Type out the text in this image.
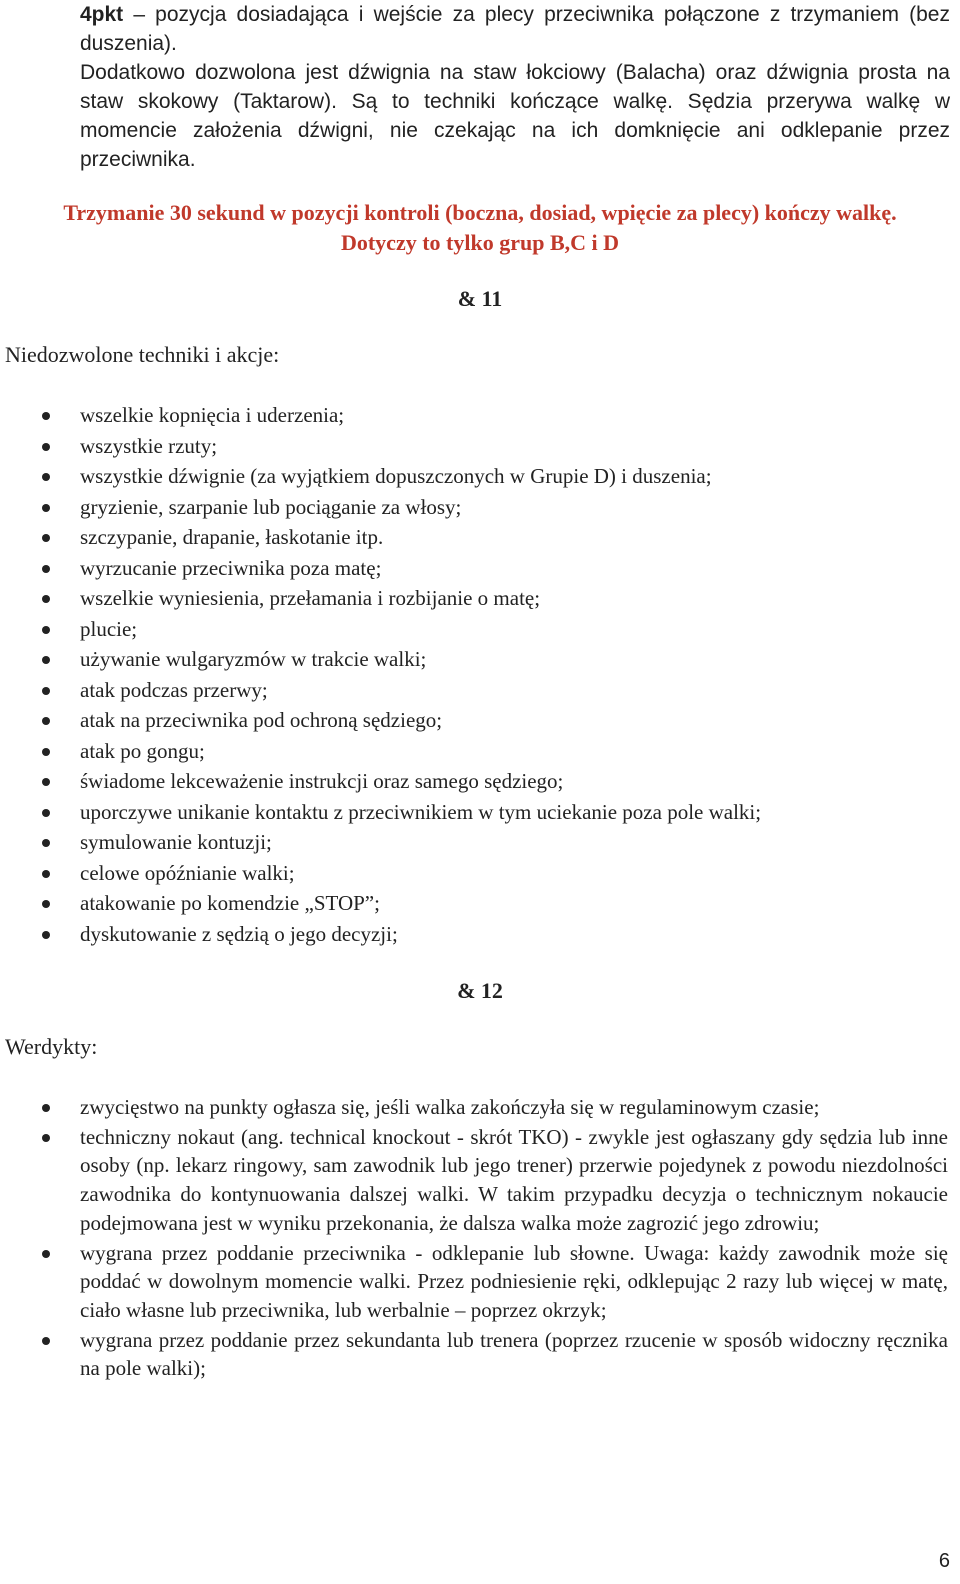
4pkt – pozycja dosiadająca i wejście za plecy przeciwnika połączone z trzymaniem (bez duszenia).

Dodatkowo dozwolona jest dźwignia na staw łokciowy (Balacha) oraz dźwignia prosta na staw skokowy (Taktarow). Są to techniki kończące walkę. Sędzia przerywa walkę w momencie założenia dźwigni, nie czekając na ich domknięcie ani odklepanie przez przeciwnika.

Trzymanie 30 sekund w pozycji kontroli (boczna, dosiad, wpięcie za plecy) kończy walkę.
Dotyczy to tylko grup B,C i D
& 11
Niedozwolone techniki i akcje:
wszelkie kopnięcia i uderzenia;
wszystkie rzuty;
wszystkie dźwignie (za wyjątkiem dopuszczonych w Grupie D) i duszenia;
gryzienie, szarpanie lub pociąganie za włosy;
szczypanie, drapanie, łaskotanie itp.
wyrzucanie przeciwnika poza matę;
wszelkie wyniesienia, przełamania i rozbijanie o matę;
plucie;
używanie wulgaryzmów w trakcie walki;
atak podczas przerwy;
atak na przeciwnika pod ochroną sędziego;
atak po gongu;
świadome lekceważenie instrukcji oraz samego sędziego;
uporczywe unikanie kontaktu z przeciwnikiem w tym uciekanie poza pole walki;
symulowanie kontuzji;
celowe opóźnianie walki;
atakowanie po komendzie „STOP”;
dyskutowanie z sędzią o jego decyzji;
& 12
Werdykty:
zwycięstwo na punkty ogłasza się, jeśli walka zakończyła się w regulaminowym czasie;
techniczny nokaut (ang. technical knockout - skrót TKO) - zwykle jest ogłaszany gdy sędzia lub inne osoby (np. lekarz ringowy, sam zawodnik lub jego trener) przerwie pojedynek z powodu niezdolności zawodnika do kontynuowania dalszej walki. W takim przypadku decyzja o technicznym nokaucie podejmowana jest w wyniku przekonania, że dalsza walka może zagrozić jego zdrowiu;
wygrana przez poddanie przeciwnika - odklepanie lub słowne. Uwaga: każdy zawodnik może się poddać w dowolnym momencie walki. Przez podniesienie ręki, odklepując 2 razy lub więcej w matę, ciało własne lub przeciwnika, lub werbalnie – poprzez okrzyk;
wygrana przez poddanie przez sekundanta lub trenera (poprzez rzucenie w sposób widoczny ręcznika na pole walki);
6
